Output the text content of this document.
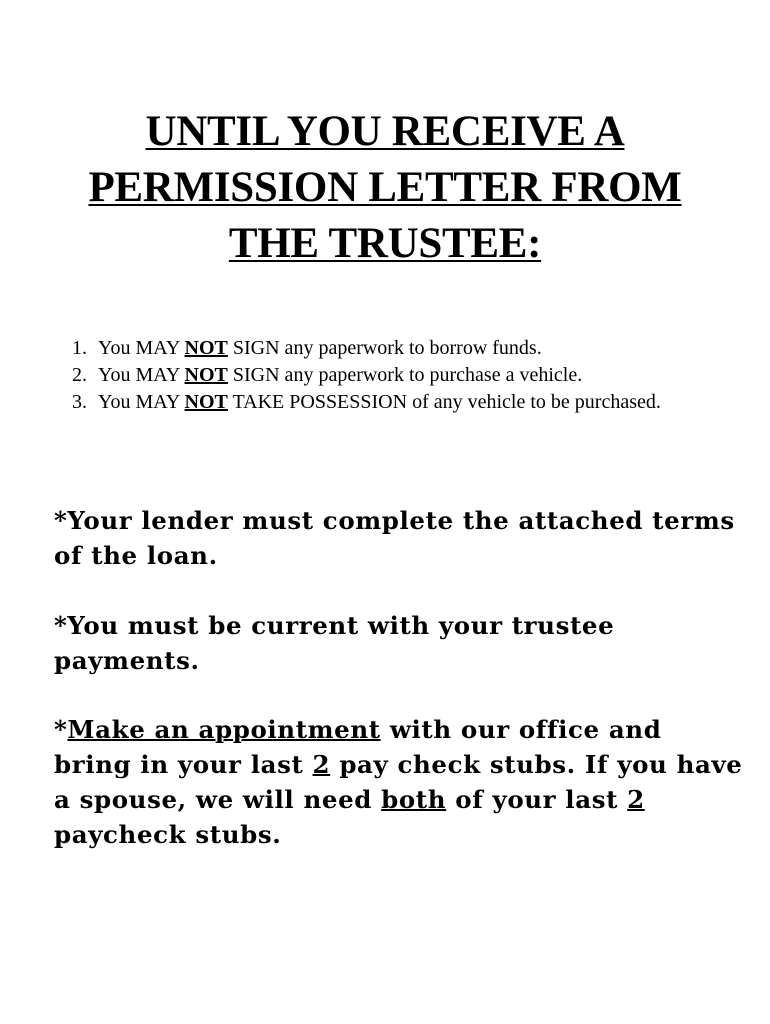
UNTIL YOU RECEIVE A
PERMISSION LETTER FROM
THE TRUSTEE:
1. You MAY NOT SIGN any paperwork to borrow funds.
2. You MAY NOT SIGN any paperwork to purchase a vehicle.
3. You MAY NOT TAKE POSSESSION of any vehicle to be purchased.

*Your lender must complete the attached terms of the loan.

*You must be current with your trustee payments.

*Make an appointment with our office and bring in your last 2 pay check stubs. If you have a spouse, we will need both of your last 2 paycheck stubs.
